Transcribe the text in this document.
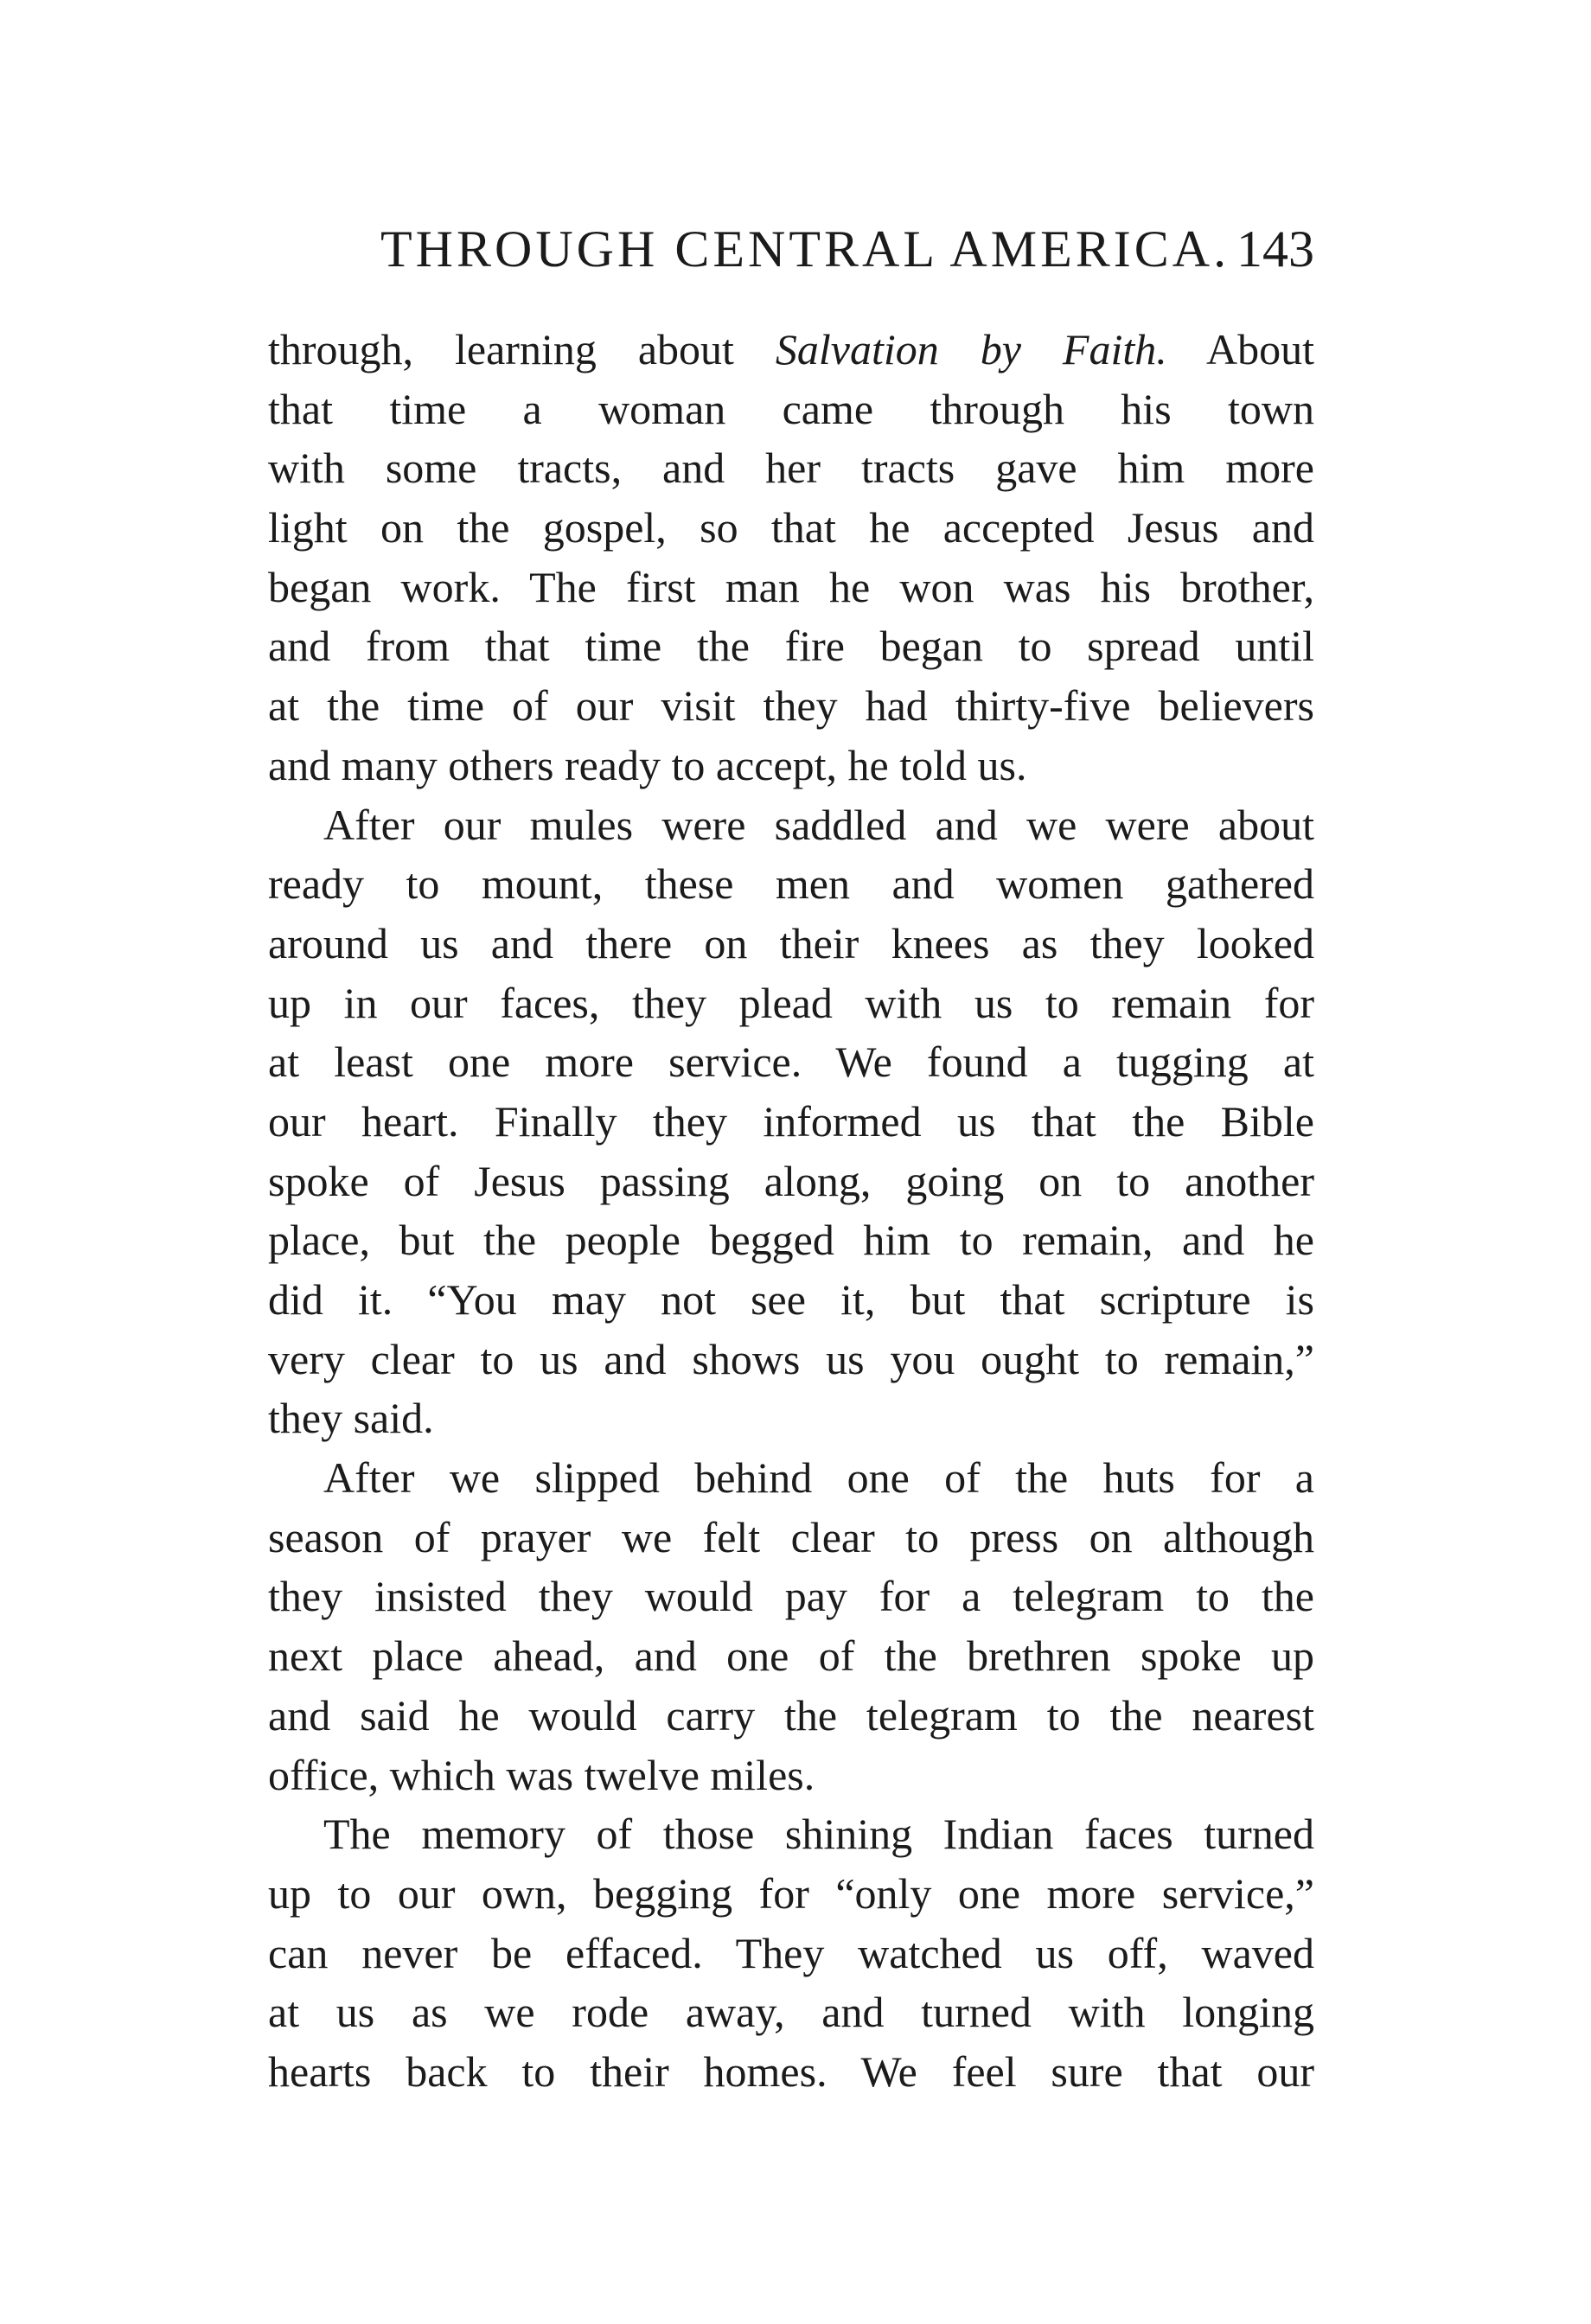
THROUGH CENTRAL AMERICA. 143
through, learning about Salvation by Faith. About
that time a woman came through his town
with some tracts, and her tracts gave him more
light on the gospel, so that he accepted Jesus and
began work. The first man he won was his brother,
and from that time the fire began to spread until
at the time of our visit they had thirty-five believers
and many others ready to accept, he told us.
After our mules were saddled and we were about
ready to mount, these men and women gathered
around us and there on their knees as they looked
up in our faces, they plead with us to remain for
at least one more service. We found a tugging at
our heart. Finally they informed us that the Bible
spoke of Jesus passing along, going on to another
place, but the people begged him to remain, and he
did it. “You may not see it, but that scripture is
very clear to us and shows us you ought to remain,”
they said.
After we slipped behind one of the huts for a
season of prayer we felt clear to press on although
they insisted they would pay for a telegram to the
next place ahead, and one of the brethren spoke up
and said he would carry the telegram to the nearest
office, which was twelve miles.
The memory of those shining Indian faces turned
up to our own, begging for “only one more service,”
can never be effaced. They watched us off, waved
at us as we rode away, and turned with longing
hearts back to their homes. We feel sure that our
